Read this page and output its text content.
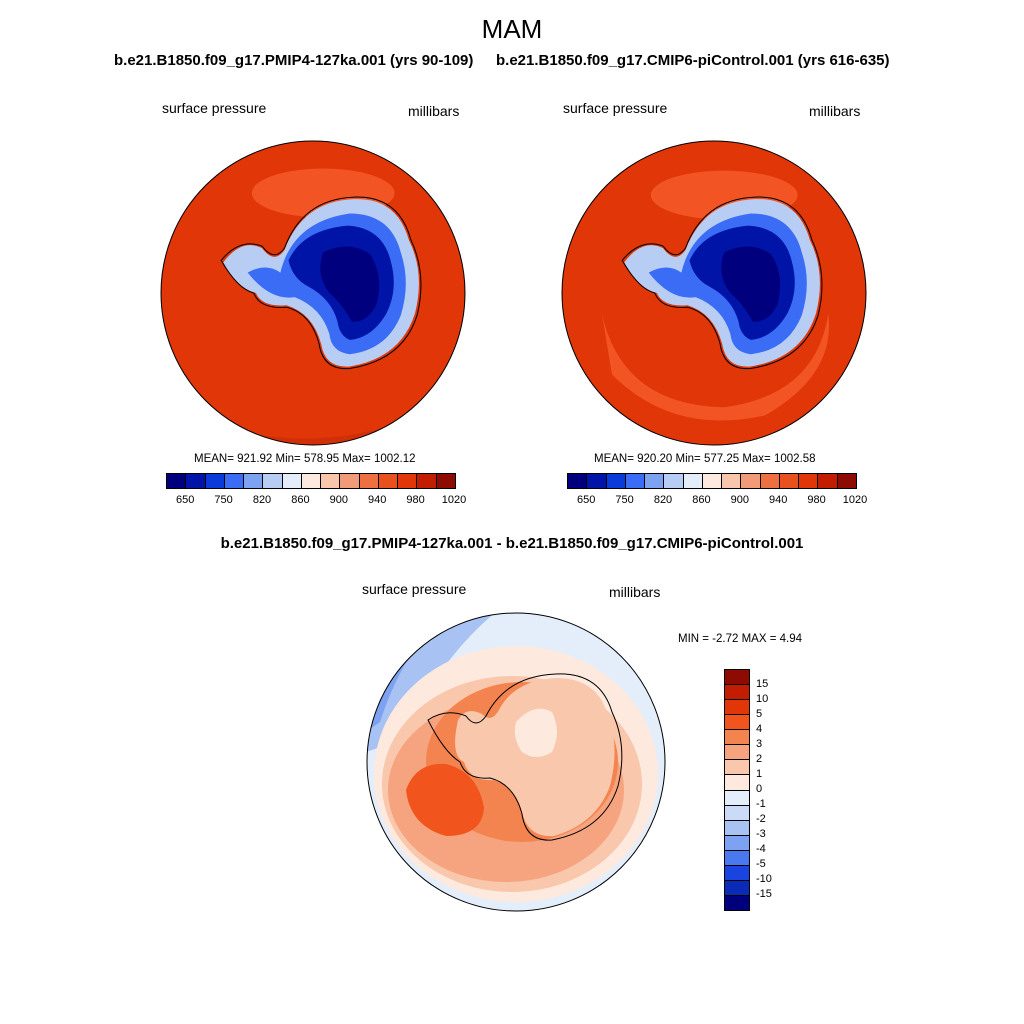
MAM
b.e21.B1850.f09_g17.PMIP4-127ka.001 (yrs 90-109) b.e21.B1850.f09_g17.CMIP6-piControl.001 (yrs 616-635)
surface pressure	millibars	surface pressure	millibars
MEAN= 921.92 Min= 578.95 Max= 1002.12	MEAN= 920.20 Min= 577.25 Max= 1002.58
650 750 820 860 900 940 980 1020	650 750 820 860 900 940 980 1020
b.e21.B1850.f09_g17.PMIP4-127ka.001 - b.e21.B1850.f09_g17.CMIP6-piControl.001
surface pressure	millibars
MIN = -2.72 MAX = 4.94
15
10
5
4
3
2
1
0
-1
-2
-3
-4
-5
-10
-15
